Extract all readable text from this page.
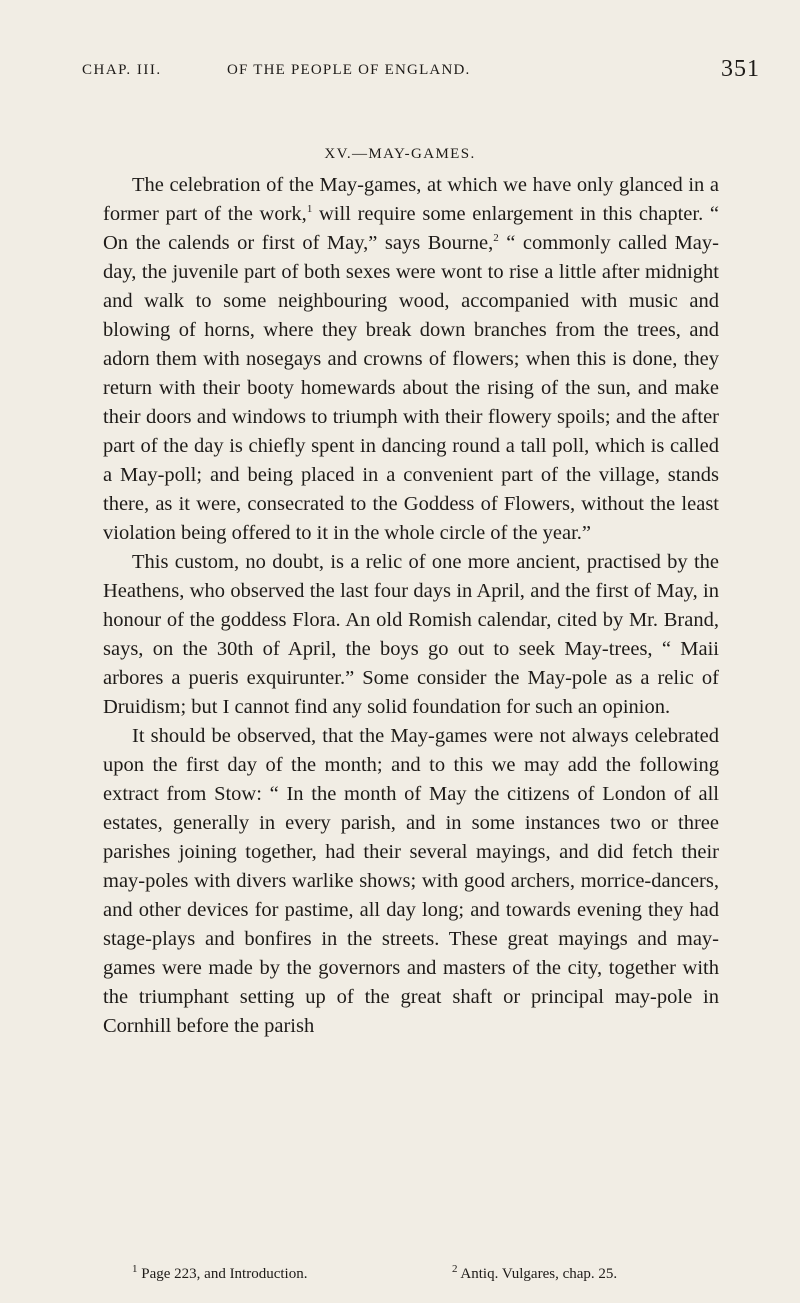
CHAP. III.	OF THE PEOPLE OF ENGLAND.	351
XV.—MAY-GAMES.

The celebration of the May-games, at which we have only glanced in a former part of the work,$^1$ will require some enlargement in this chapter. “ On the calends or first of May,” says Bourne,$^2$ “ commonly called May-day, the juvenile part of both sexes were wont to rise a little after midnight and walk to some neighbouring wood, accompanied with music and blowing of horns, where they break down branches from the trees, and adorn them with nosegays and crowns of flowers; when this is done, they return with their booty homewards about the rising of the sun, and make their doors and windows to triumph with their flowery spoils; and the after part of the day is chiefly spent in dancing round a tall poll, which is called a May-poll; and being placed in a convenient part of the village, stands there, as it were, consecrated to the Goddess of Flowers, without the least violation being offered to it in the whole circle of the year.”

This custom, no doubt, is a relic of one more ancient, practised by the Heathens, who observed the last four days in April, and the first of May, in honour of the goddess Flora. An old Romish calendar, cited by Mr. Brand, says, on the 30th of April, the boys go out to seek May-trees, “ Maii arbores a pueris exquirunter.” Some consider the May-pole as a relic of Druidism; but I cannot find any solid foundation for such an opinion.

It should be observed, that the May-games were not always celebrated upon the first day of the month; and to this we may add the following extract from Stow: “ In the month of May the citizens of London of all estates, generally in every parish, and in some instances two or three parishes joining together, had their several mayings, and did fetch their may-poles with divers warlike shows; with good archers, morrice-dancers, and other devices for pastime, all day long; and towards evening they had stage-plays and bonfires in the streets. These great mayings and may-games were made by the governors and masters of the city, together with the triumphant setting up of the great shaft or principal may-pole in Cornhill before the parish

$^1$ Page 223, and Introduction.	$^2$ Antiq. Vulgares, chap. 25.
